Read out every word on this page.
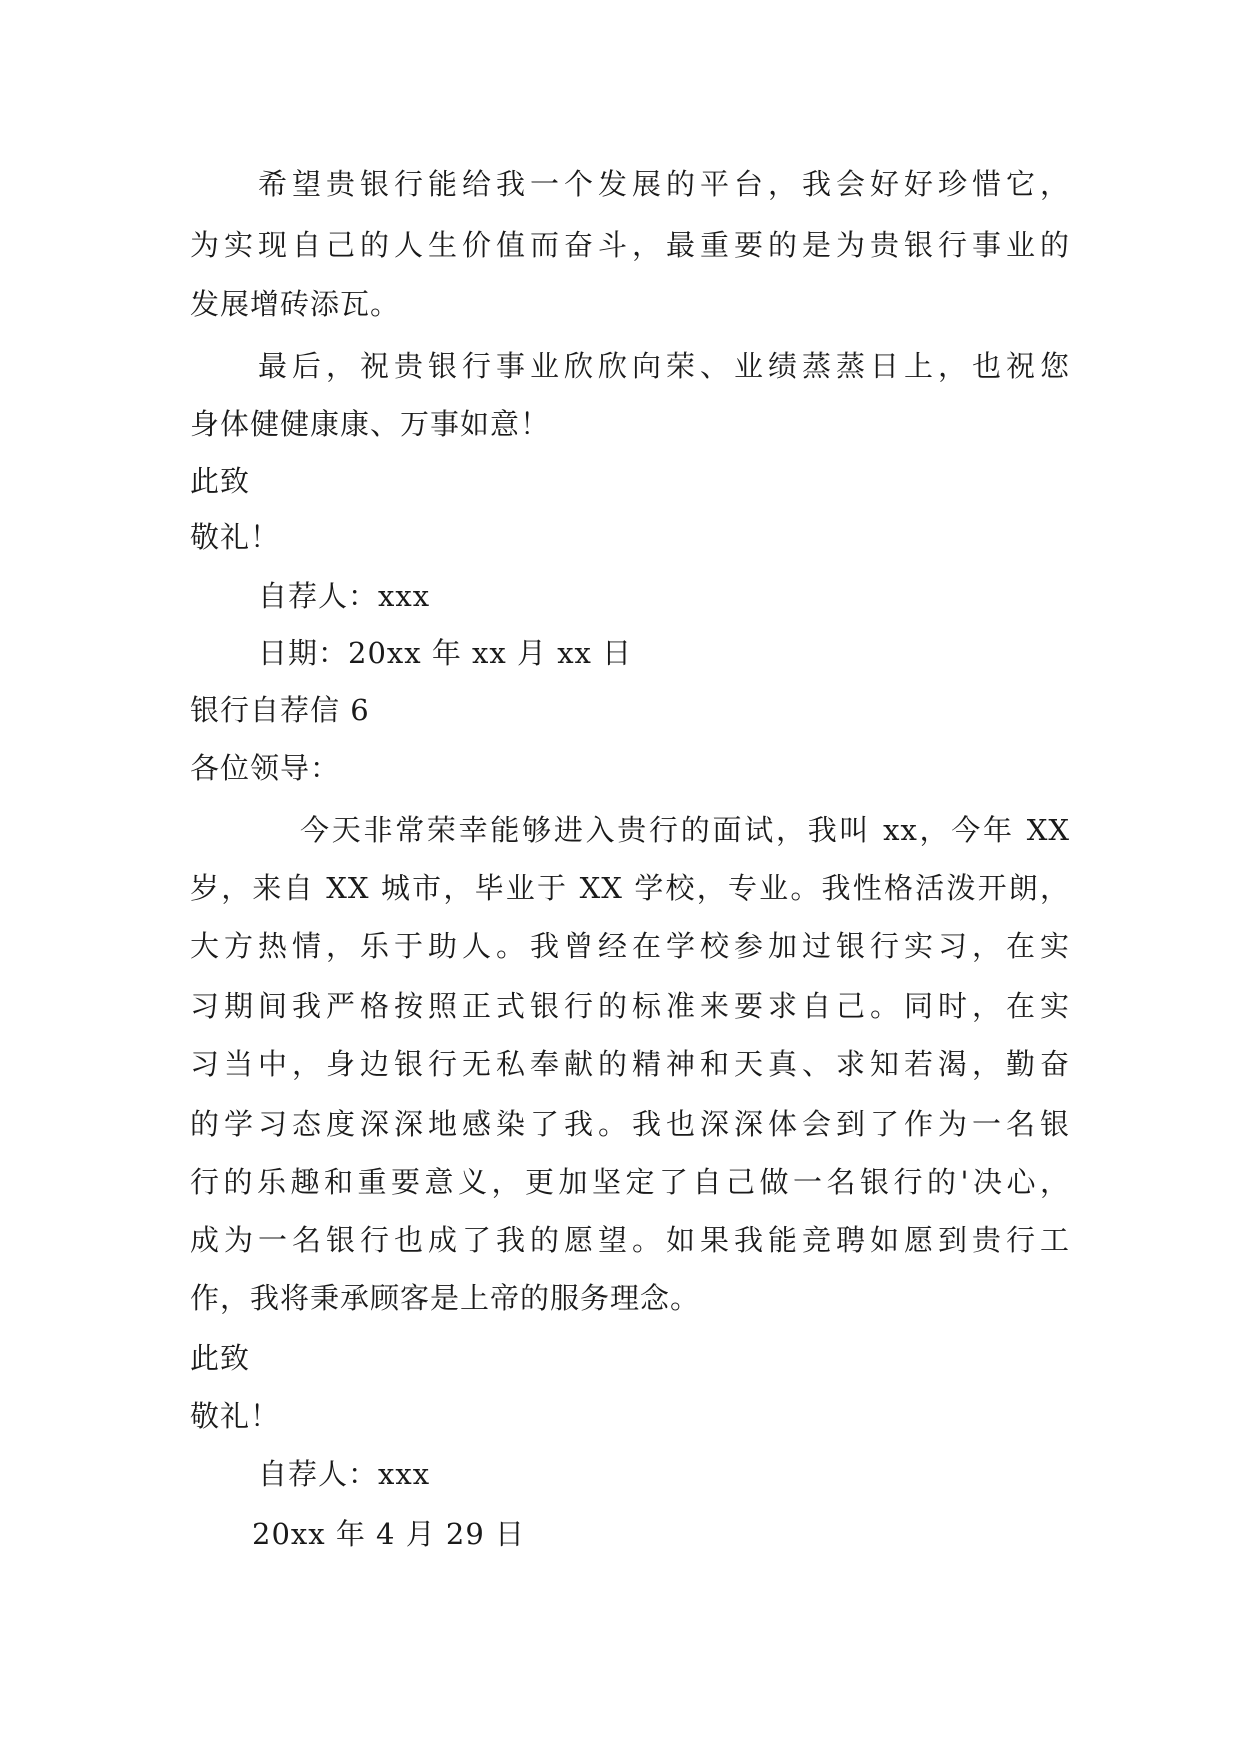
希望贵银行能给我一个发展的平台，我会好好珍惜它，
为实现自己的人生价值而奋斗，最重要的是为贵银行事业的
发展增砖添瓦。
最后，祝贵银行事业欣欣向荣、业绩蒸蒸日上，也祝您
身体健健康康、万事如意！
此致
敬礼！
自荐人：xxx
日期：20xx 年 xx 月 xx 日
银行自荐信 6
各位领导：
今天非常荣幸能够进入贵行的面试，我叫 xx，今年 XX
岁，来自 XX 城市，毕业于 XX 学校，专业。我性格活泼开朗，
大方热情，乐于助人。我曾经在学校参加过银行实习，在实
习期间我严格按照正式银行的标准来要求自己。同时，在实
习当中，身边银行无私奉献的精神和天真、求知若渴，勤奋
的学习态度深深地感染了我。我也深深体会到了作为一名银
行的乐趣和重要意义，更加坚定了自己做一名银行的'决心，
成为一名银行也成了我的愿望。如果我能竞聘如愿到贵行工
作，我将秉承顾客是上帝的服务理念。
此致
敬礼！
自荐人：xxx
20xx 年 4 月 29 日
